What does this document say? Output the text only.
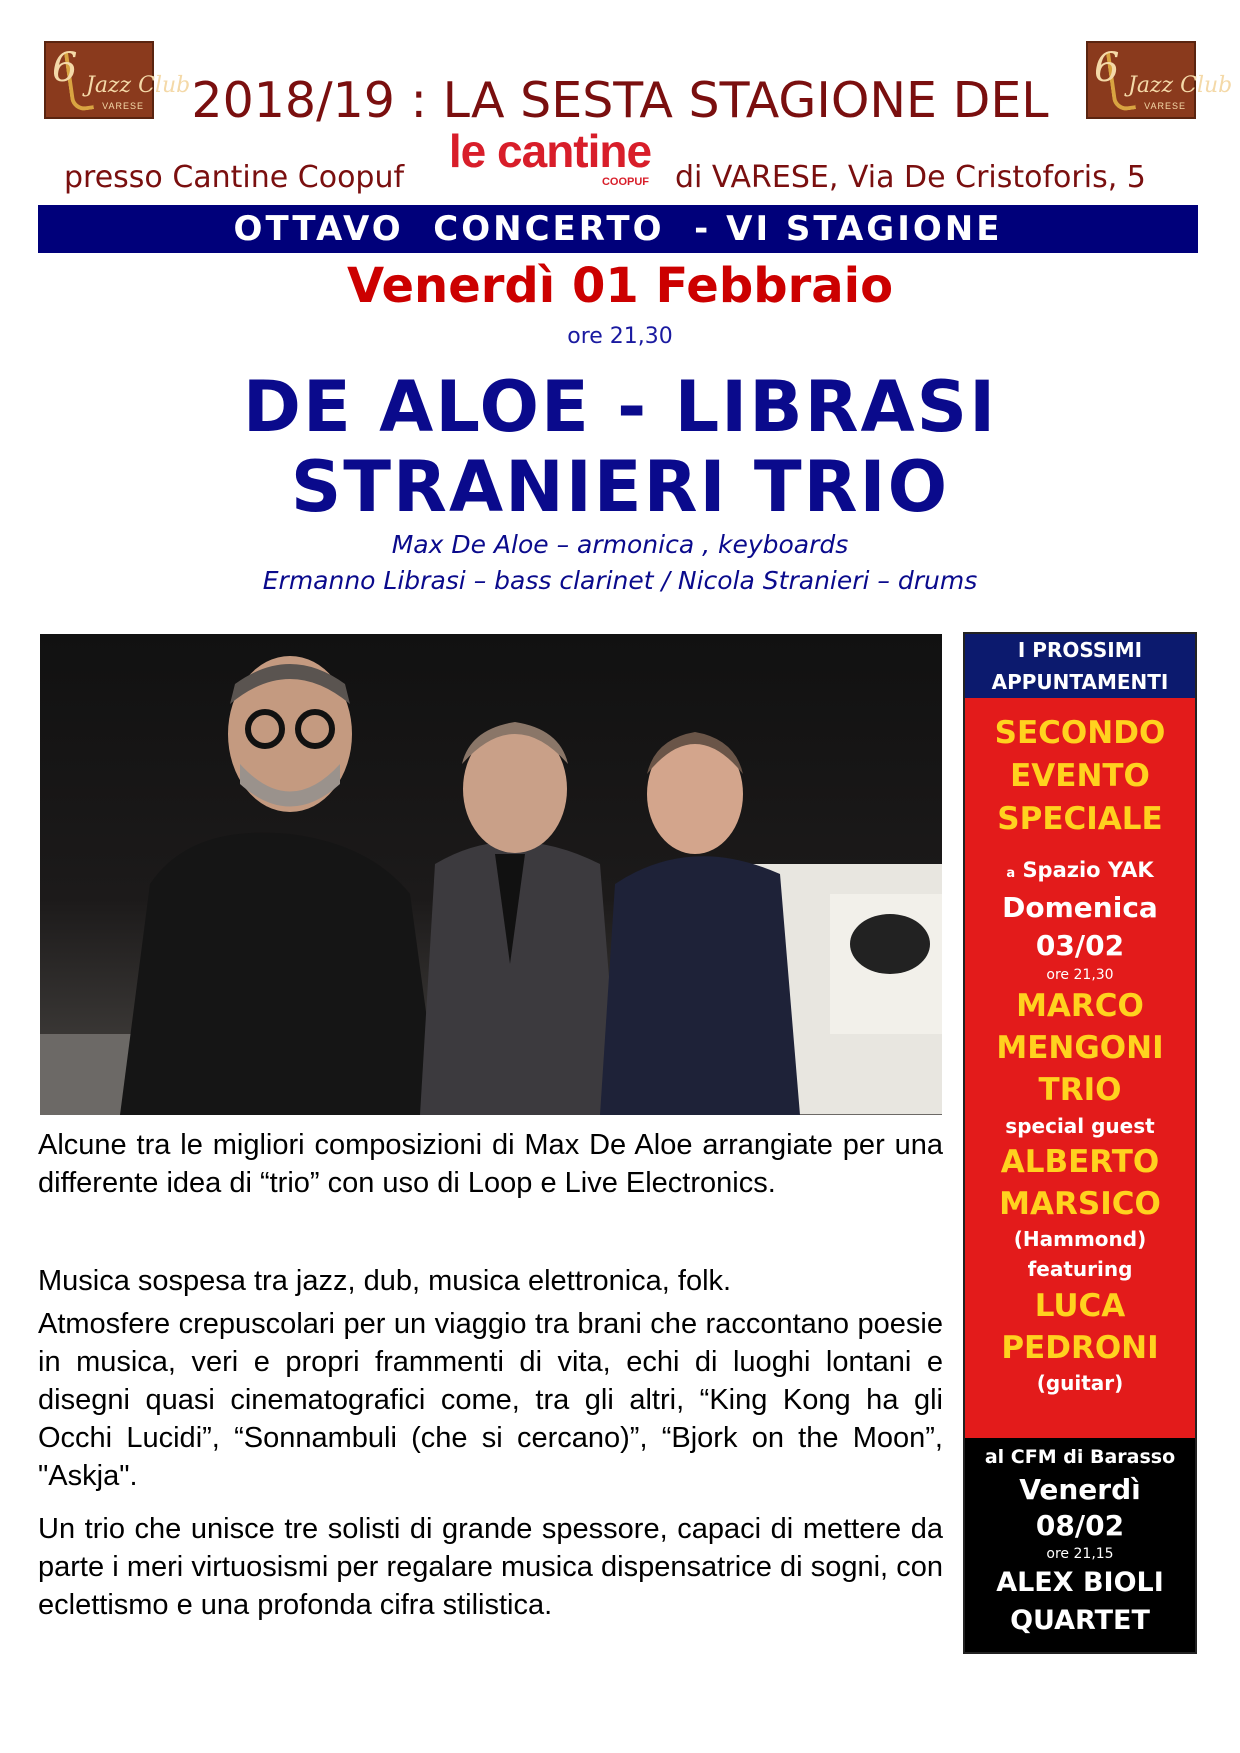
6 Jazz Club
VARESE
6 Jazz Club
VARESE
2018/19 : LA SESTA STAGIONE DEL
presso Cantine Coopuf
le cantine
COOPUF di VARESE, Via De Cristoforis, 5
OTTAVO  CONCERTO  - VI STAGIONE
Venerdì 01 Febbraio
ore 21,30
DE ALOE - LIBRASI
STRANIERI TRIO
Max De Aloe – armonica , keyboards
Ermanno Librasi – bass clarinet / Nicola Stranieri – drums
Alcune tra le migliori composizioni di Max De Aloe arrangiate per una differente idea di “trio” con uso di Loop e Live Electronics.
Musica sospesa tra jazz, dub, musica elettronica, folk.
Atmosfere crepuscolari per un viaggio tra brani che raccontano poesie in musica, veri e propri frammenti di vita, echi di luoghi lontani e disegni quasi cinematografici come, tra gli altri, “King Kong ha gli Occhi Lucidi”, “Sonnambuli (che si cercano)”, “Bjork on the Moon”, "Askja".
Un trio che unisce tre solisti di grande spessore, capaci di mettere da parte i meri virtuosismi per regalare musica dispensatrice di sogni, con eclettismo e una profonda cifra stilistica.
I PROSSIMI
APPUNTAMENTI
SECONDO
EVENTO
SPECIALE
a Spazio YAK
Domenica
03/02
ore 21,30
MARCO
MENGONI
TRIO
special guest
ALBERTO
MARSICO
(Hammond)
featuring
LUCA
PEDRONI
(guitar)
al CFM di Barasso
Venerdì
08/02
ore 21,15
ALEX BIOLI
QUARTET
